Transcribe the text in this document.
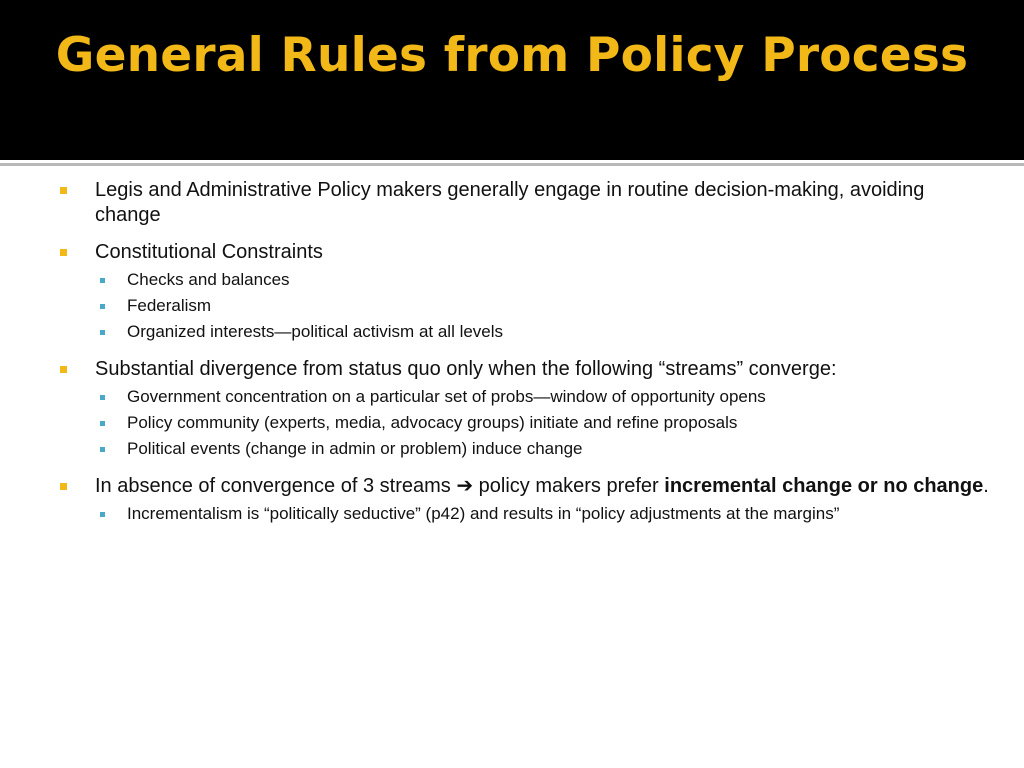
General Rules from Policy Process
Legis and Administrative Policy makers generally engage in routine decision-making, avoiding change
Constitutional Constraints
Checks and balances
Federalism
Organized interests—political activism at all levels
Substantial divergence from status quo only when the following “streams” converge:
Government concentration on a particular set of probs—window of opportunity opens
Policy community (experts, media, advocacy groups) initiate and refine proposals
Political events (change in admin or problem) induce change
In absence of convergence of 3 streams ➔ policy makers prefer incremental change or no change.
Incrementalism is “politically seductive” (p42) and results in “policy adjustments at the margins”
